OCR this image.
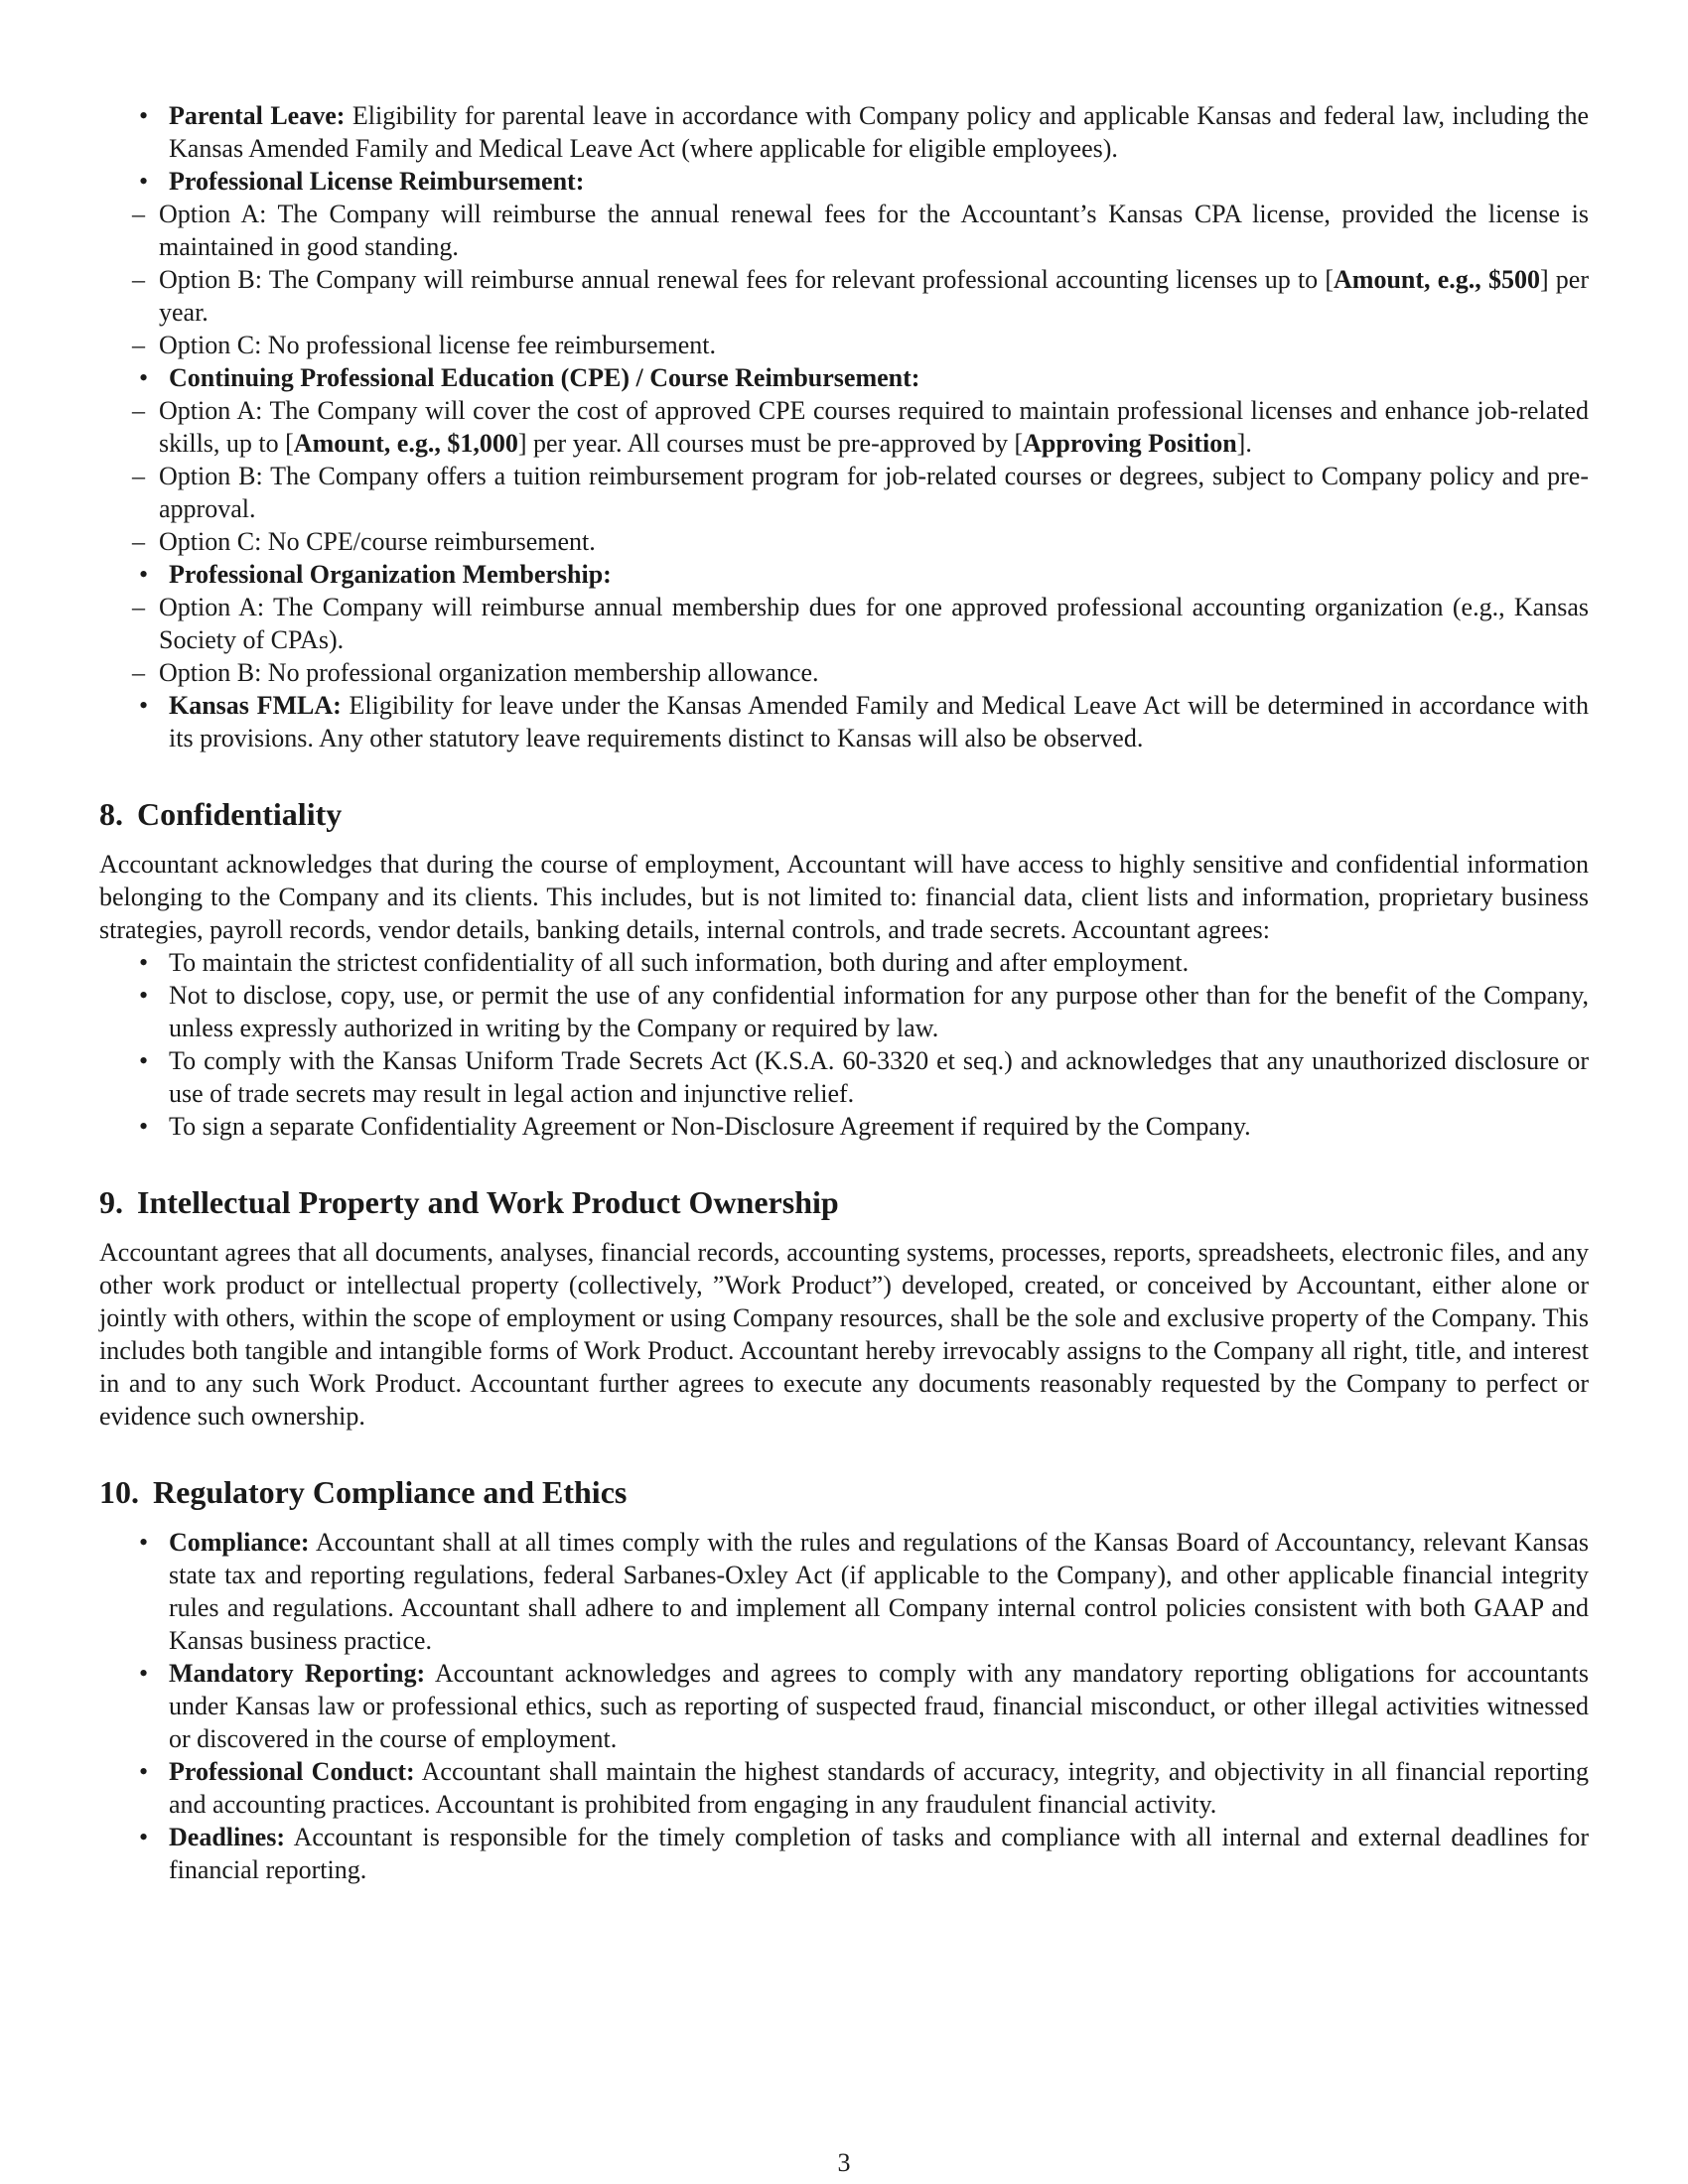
• Parental Leave: Eligibility for parental leave in accordance with Company policy and applicable Kansas and federal law, including the Kansas Amended Family and Medical Leave Act (where applicable for eligible employees).
• Professional License Reimbursement:
– Option A: The Company will reimburse the annual renewal fees for the Accountant’s Kansas CPA license, provided the license is maintained in good standing.
– Option B: The Company will reimburse annual renewal fees for relevant professional accounting licenses up to [Amount, e.g., $500] per year.
– Option C: No professional license fee reimbursement.
• Continuing Professional Education (CPE) / Course Reimbursement:
– Option A: The Company will cover the cost of approved CPE courses required to maintain professional licenses and enhance job-related skills, up to [Amount, e.g., $1,000] per year. All courses must be pre-approved by [Approving Position].
– Option B: The Company offers a tuition reimbursement program for job-related courses or degrees, subject to Company policy and pre-approval.
– Option C: No CPE/course reimbursement.
• Professional Organization Membership:
– Option A: The Company will reimburse annual membership dues for one approved professional accounting organization (e.g., Kansas Society of CPAs).
– Option B: No professional organization membership allowance.
• Kansas FMLA: Eligibility for leave under the Kansas Amended Family and Medical Leave Act will be determined in accordance with its provisions. Any other statutory leave requirements distinct to Kansas will also be observed.
8. Confidentiality

Accountant acknowledges that during the course of employment, Accountant will have access to highly sensitive and confidential information belonging to the Company and its clients. This includes, but is not limited to: financial data, client lists and information, proprietary business strategies, payroll records, vendor details, banking details, internal controls, and trade secrets. Accountant agrees:

• To maintain the strictest confidentiality of all such information, both during and after employment.
• Not to disclose, copy, use, or permit the use of any confidential information for any purpose other than for the benefit of the Company, unless expressly authorized in writing by the Company or required by law.
• To comply with the Kansas Uniform Trade Secrets Act (K.S.A. 60-3320 et seq.) and acknowledges that any unauthorized disclosure or use of trade secrets may result in legal action and injunctive relief.
• To sign a separate Confidentiality Agreement or Non-Disclosure Agreement if required by the Company.
9. Intellectual Property and Work Product Ownership

Accountant agrees that all documents, analyses, financial records, accounting systems, processes, reports, spreadsheets, electronic files, and any other work product or intellectual property (collectively, ”Work Product”) developed, created, or conceived by Accountant, either alone or jointly with others, within the scope of employment or using Company resources, shall be the sole and exclusive property of the Company. This includes both tangible and intangible forms of Work Product. Accountant hereby irrevocably assigns to the Company all right, title, and interest in and to any such Work Product. Accountant further agrees to execute any documents reasonably requested by the Company to perfect or evidence such ownership.

10. Regulatory Compliance and Ethics
• Compliance: Accountant shall at all times comply with the rules and regulations of the Kansas Board of Accountancy, relevant Kansas state tax and reporting regulations, federal Sarbanes-Oxley Act (if applicable to the Company), and other applicable financial integrity rules and regulations. Accountant shall adhere to and implement all Company internal control policies consistent with both GAAP and Kansas business practice.
• Mandatory Reporting: Accountant acknowledges and agrees to comply with any mandatory reporting obligations for accountants under Kansas law or professional ethics, such as reporting of suspected fraud, financial misconduct, or other illegal activities witnessed or discovered in the course of employment.
• Professional Conduct: Accountant shall maintain the highest standards of accuracy, integrity, and objectivity in all financial reporting and accounting practices. Accountant is prohibited from engaging in any fraudulent financial activity.
• Deadlines: Accountant is responsible for the timely completion of tasks and compliance with all internal and external deadlines for financial reporting.
3
